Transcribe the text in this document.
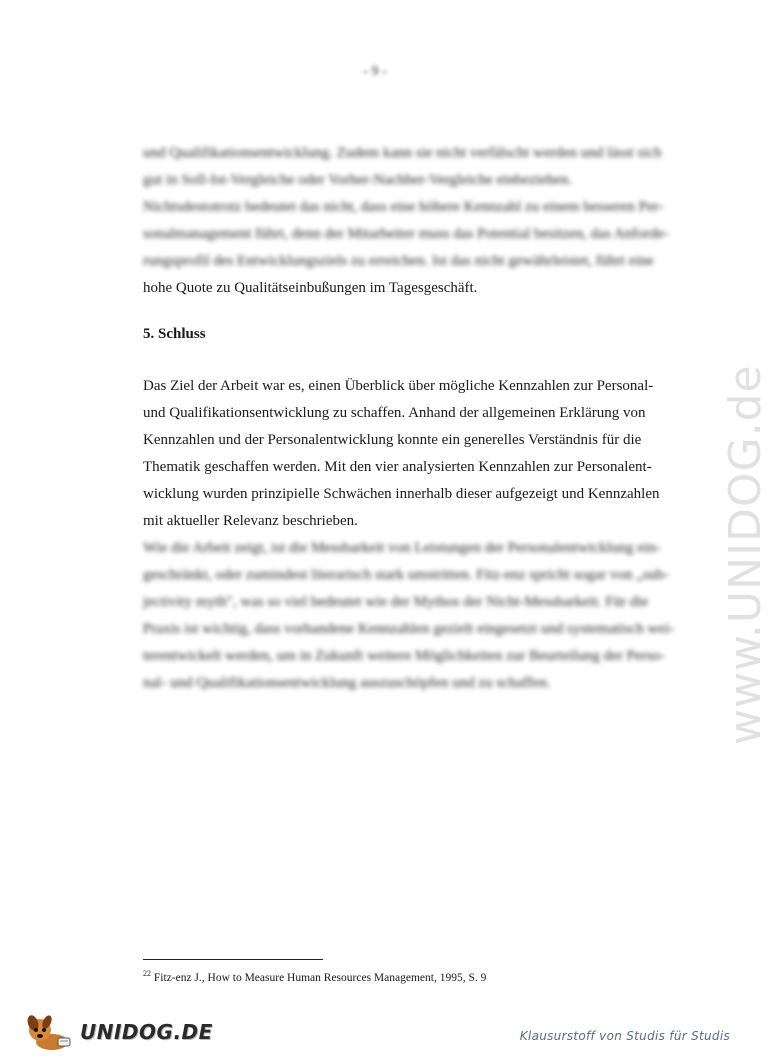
- 9 -

und Qualifikationsentwicklung. Zudem kann sie nicht verfälscht werden und lässt sich
gut in Soll-Ist-Vergleiche oder Vorher-Nachher-Vergleiche einbeziehen.
Nichtsdestotrotz bedeutet das nicht, dass eine höhere Kennzahl zu einem besseren Per-
sonalmanagement führt, denn der Mitarbeiter muss das Potential besitzen, das Anforde-
rungsprofil des Entwicklungsziels zu erreichen. Ist das nicht gewährleistet, führt eine
hohe Quote zu Qualitätseinbußungen im Tagesgeschäft.

5. Schluss

Das Ziel der Arbeit war es, einen Überblick über mögliche Kennzahlen zur Personal-
und Qualifikationsentwicklung zu schaffen. Anhand der allgemeinen Erklärung von
Kennzahlen und der Personalentwicklung konnte ein generelles Verständnis für die
Thematik geschaffen werden. Mit den vier analysierten Kennzahlen zur Personalent-
wicklung wurden prinzipielle Schwächen innerhalb dieser aufgezeigt und Kennzahlen
mit aktueller Relevanz beschrieben.
Wie die Arbeit zeigt, ist die Messbarkeit von Leistungen der Personalentwicklung ein-
geschränkt, oder zumindest literarisch stark umstritten. Fitz-enz spricht sogar von „sub-
jectivity myth", was so viel bedeutet wie der Mythos der Nicht-Messbarkeit. Für die
Praxis ist wichtig, dass vorhandene Kennzahlen gezielt eingesetzt und systematisch wei-
terentwickelt werden, um in Zukunft weitere Möglichkeiten zur Beurteilung der Perso-
nal- und Qualifikationsentwicklung auszuschöpfen und zu schaffen.	www.UNIDOG.de
$^{22}$ Fitz-enz J., How to Measure Human Resources Management, 1995, S. 9
UNIDOG.DE	Klausurstoff von Studis für Studis
